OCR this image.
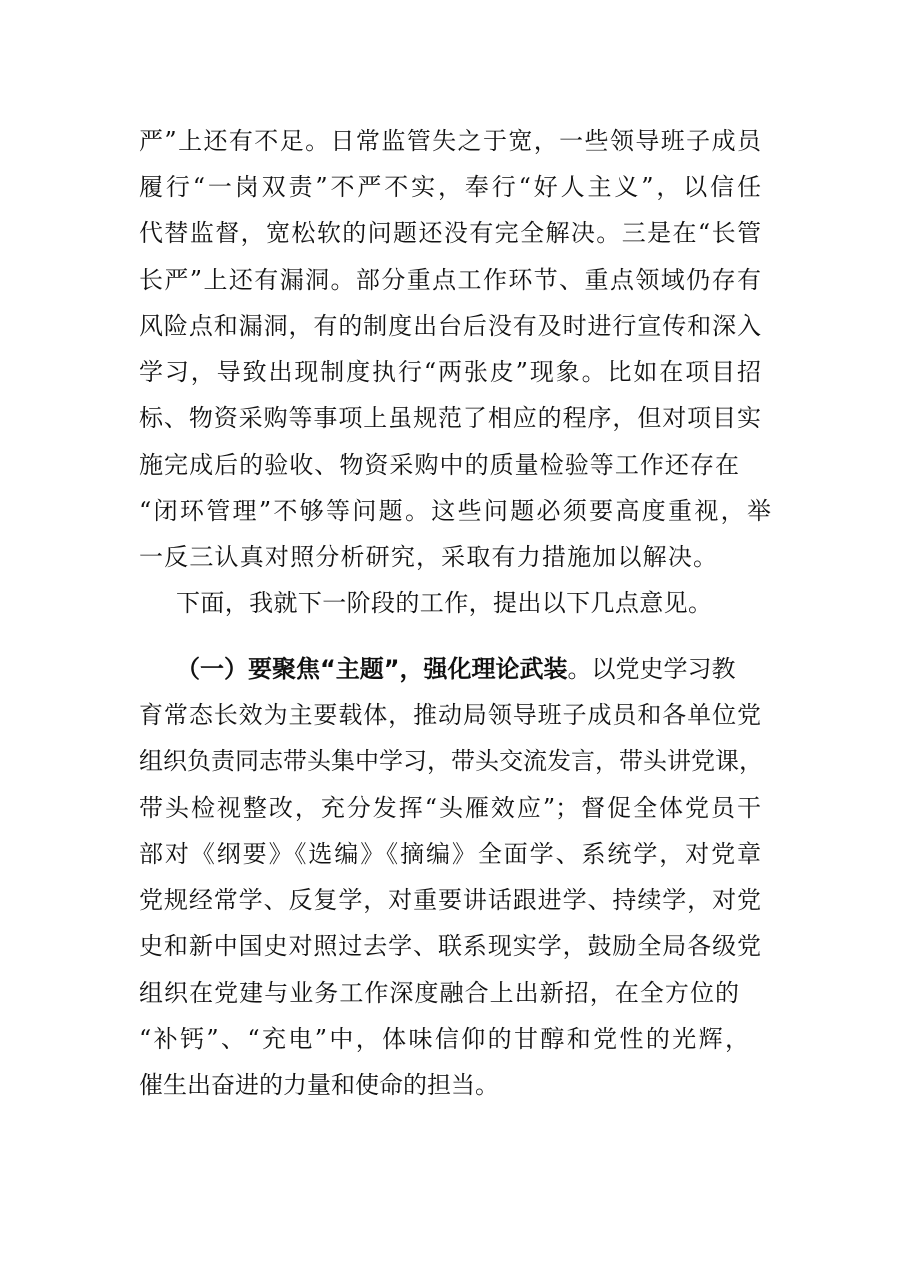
严”上还有不足。日常监管失之于宽，一些领导班子成员
履行“一岗双责”不严不实，奉行“好人主义”，以信任
代替监督，宽松软的问题还没有完全解决。三是在“长管
长严”上还有漏洞。部分重点工作环节、重点领域仍存有
风险点和漏洞，有的制度出台后没有及时进行宣传和深入
学习，导致出现制度执行“两张皮”现象。比如在项目招
标、物资采购等事项上虽规范了相应的程序，但对项目实
施完成后的验收、物资采购中的质量检验等工作还存在
“闭环管理”不够等问题。这些问题必须要高度重视，举
一反三认真对照分析研究，采取有力措施加以解决。
下面，我就下一阶段的工作，提出以下几点意见。
（一）要聚焦“主题”，强化理论武装。以党史学习教
育常态长效为主要载体，推动局领导班子成员和各单位党
组织负责同志带头集中学习，带头交流发言，带头讲党课，
带头检视整改，充分发挥“头雁效应”；督促全体党员干
部对《纲要》《选编》《摘编》全面学、系统学，对党章
党规经常学、反复学，对重要讲话跟进学、持续学，对党
史和新中国史对照过去学、联系现实学，鼓励全局各级党
组织在党建与业务工作深度融合上出新招，在全方位的
“补钙”、“充电”中，体味信仰的甘醇和党性的光辉，
催生出奋进的力量和使命的担当。
